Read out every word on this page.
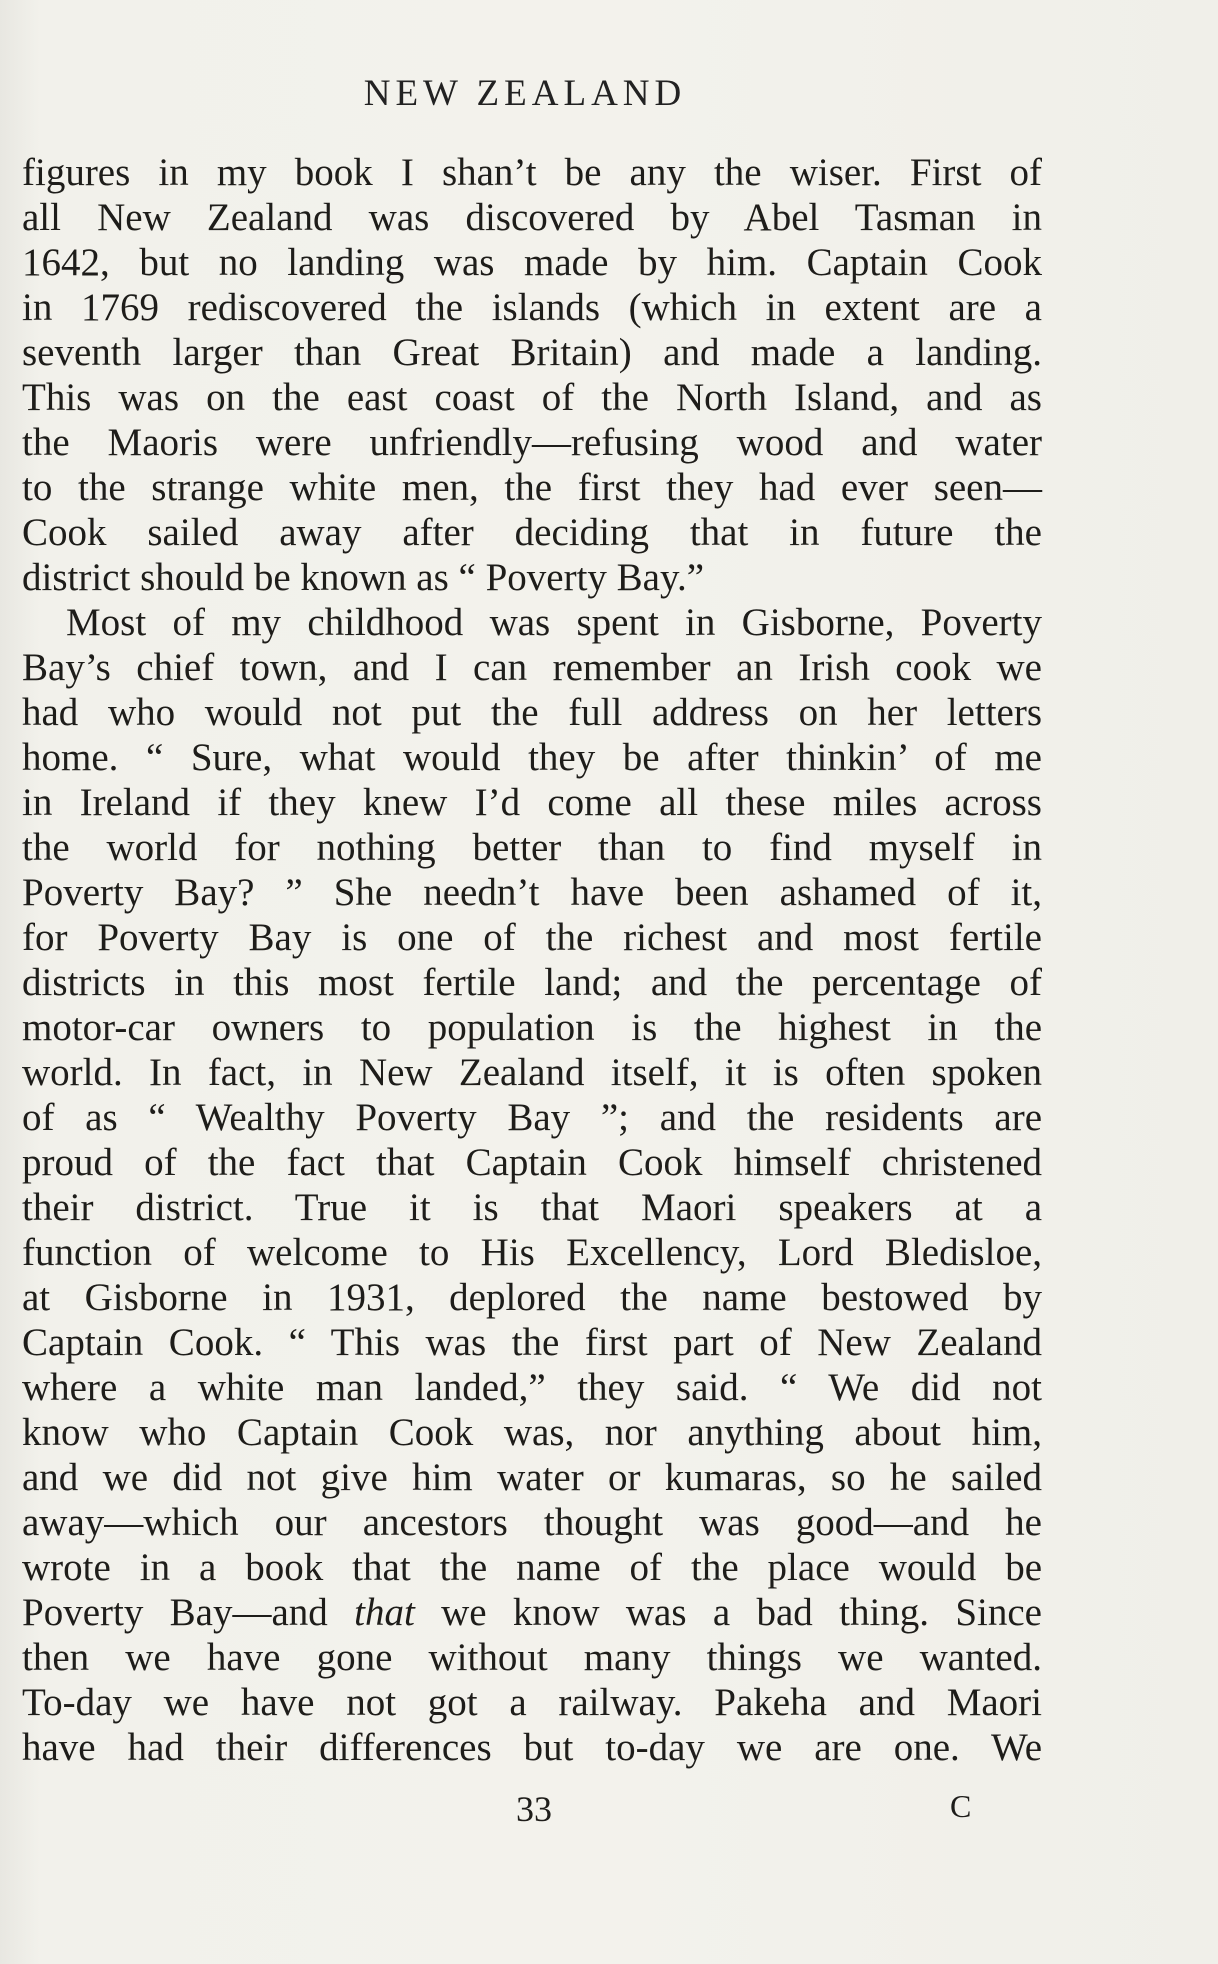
NEW ZEALAND
figures in my book I shan’t be any the wiser. First of
all New Zealand was discovered by Abel Tasman in
1642, but no landing was made by him. Captain Cook
in 1769 rediscovered the islands (which in extent are a
seventh larger than Great Britain) and made a landing.
This was on the east coast of the North Island, and as
the Maoris were unfriendly—refusing wood and water
to the strange white men, the first they had ever seen—
Cook sailed away after deciding that in future the
district should be known as “ Poverty Bay.”
Most of my childhood was spent in Gisborne, Poverty
Bay’s chief town, and I can remember an Irish cook we
had who would not put the full address on her letters
home. “ Sure, what would they be after thinkin’ of me
in Ireland if they knew I’d come all these miles across
the world for nothing better than to find myself in
Poverty Bay? ” She needn’t have been ashamed of it,
for Poverty Bay is one of the richest and most fertile
districts in this most fertile land; and the percentage of
motor-car owners to population is the highest in the
world. In fact, in New Zealand itself, it is often spoken
of as “ Wealthy Poverty Bay ”; and the residents are
proud of the fact that Captain Cook himself christened
their district. True it is that Maori speakers at a
function of welcome to His Excellency, Lord Bledisloe,
at Gisborne in 1931, deplored the name bestowed by
Captain Cook. “ This was the first part of New Zealand
where a white man landed,” they said. “ We did not
know who Captain Cook was, nor anything about him,
and we did not give him water or kumaras, so he sailed
away—which our ancestors thought was good—and he
wrote in a book that the name of the place would be
Poverty Bay—and that we know was a bad thing. Since
then we have gone without many things we wanted.
To-day we have not got a railway. Pakeha and Maori
have had their differences but to-day we are one. We
33	C
